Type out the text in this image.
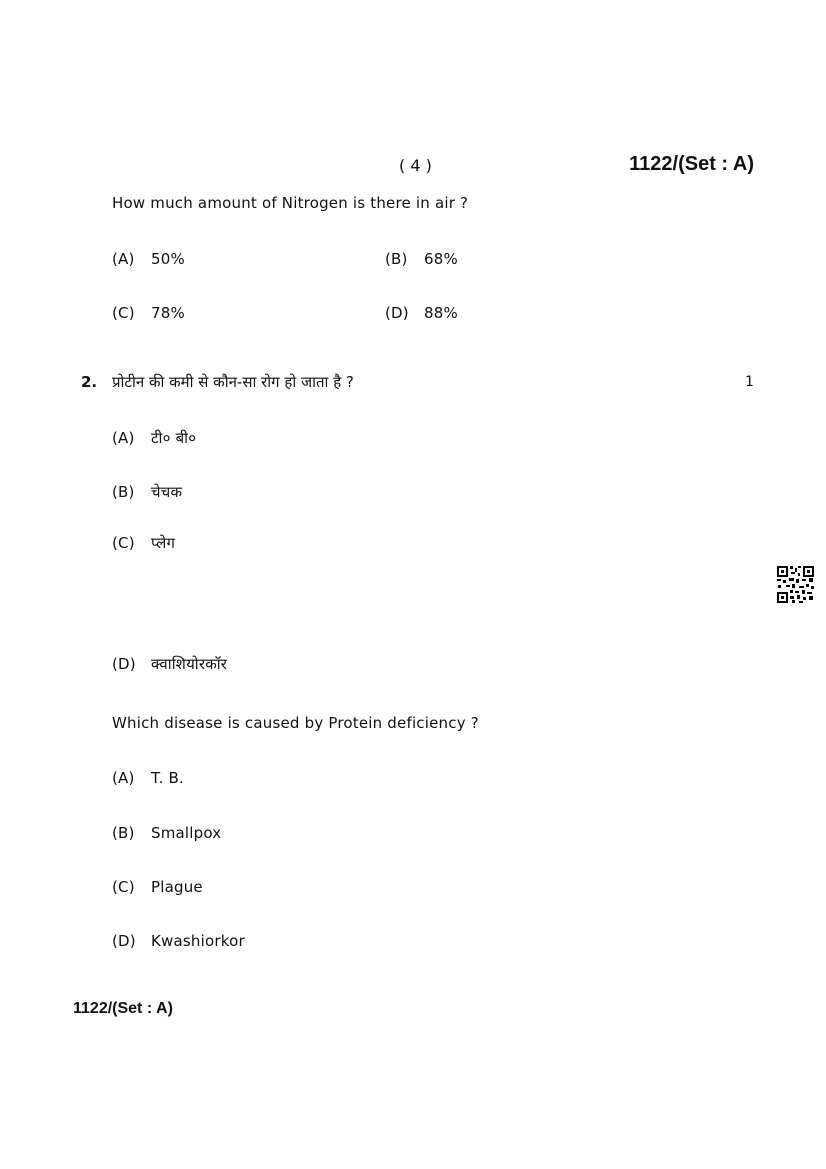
( 4 )	1122/(Set : A)
How much amount of Nitrogen is there in air ?
(A) 50%	(B) 68%
(C) 78%	(D) 88%
2. प्रोटीन की कमी से कौन-सा रोग हो जाता है ?	1
(A) टी० बी०
(B) चेचक
(C) प्लेग
(D) क्वाशियोरकॉर
Which disease is caused by Protein deficiency ?
(A) T. B.
(B) Smallpox
(C) Plague
(D) Kwashiorkor
1122/(Set : A)
